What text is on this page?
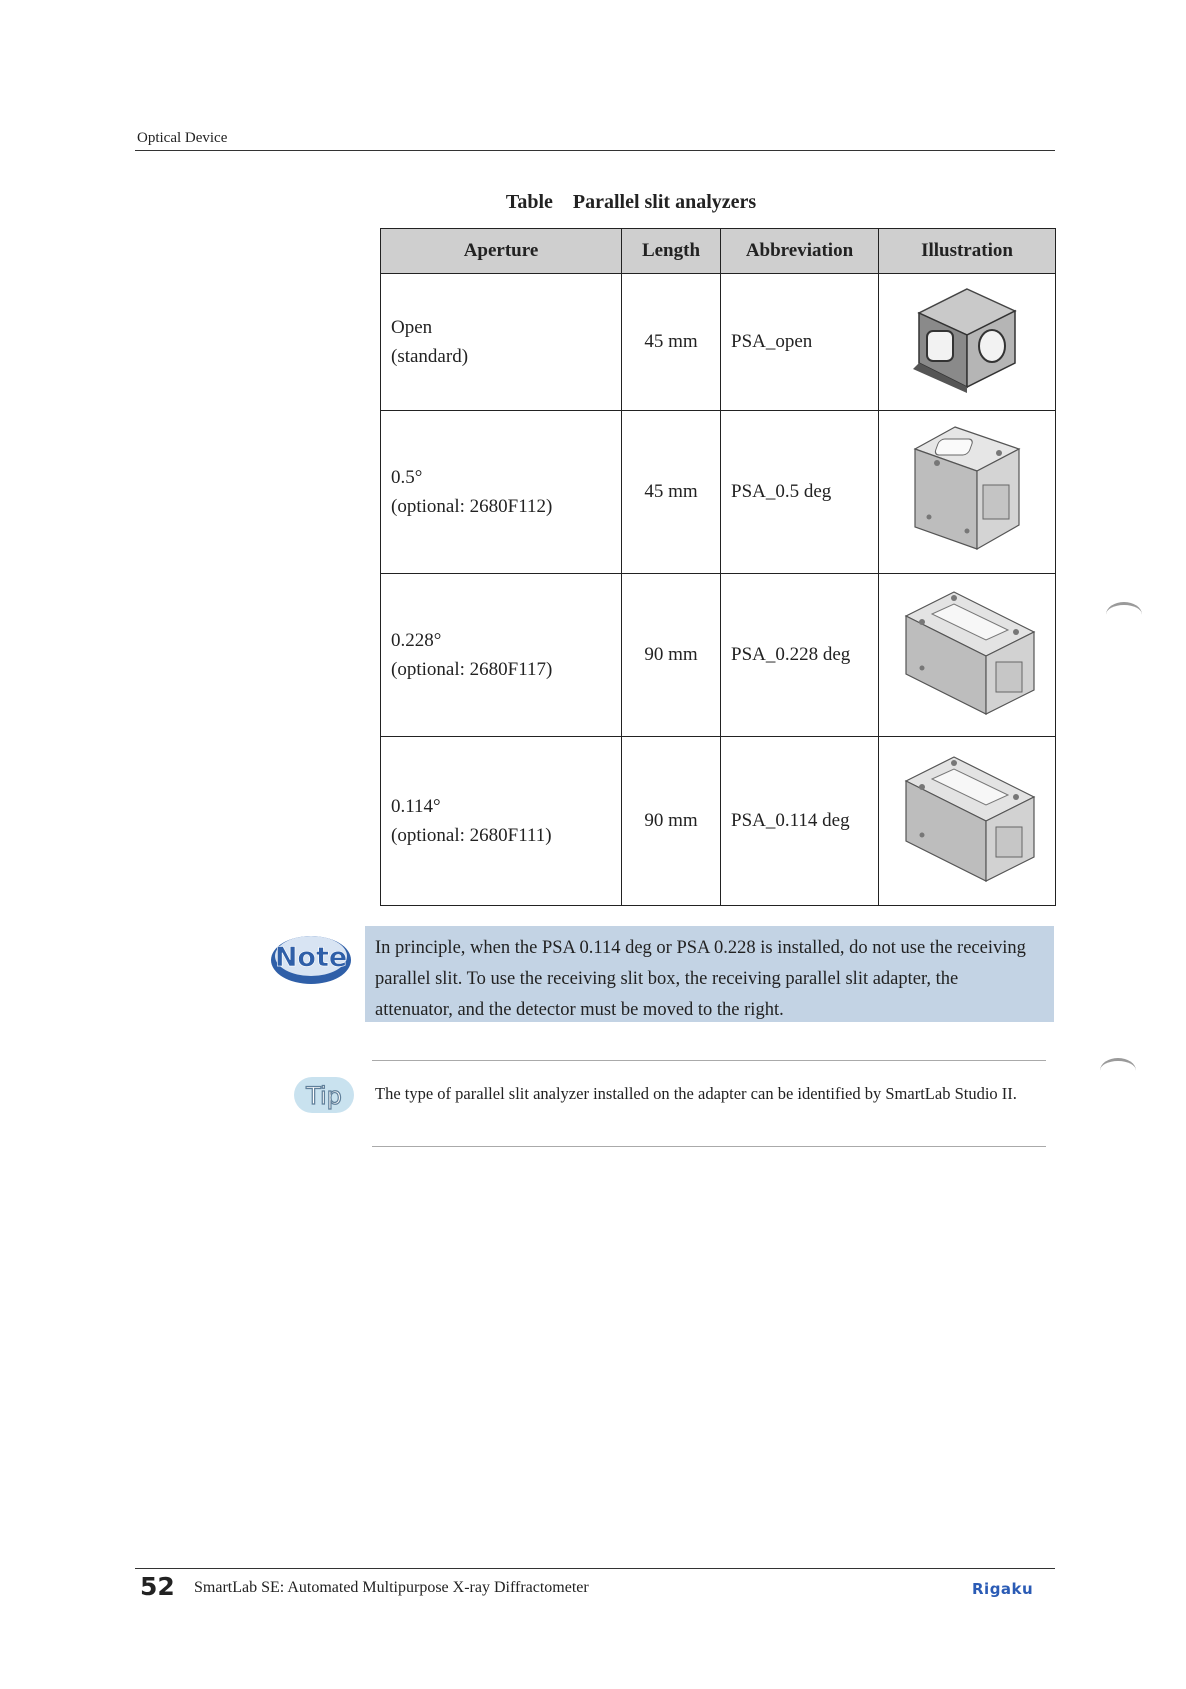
Optical Device
Table Parallel slit analyzers
Aperture	Length	Abbreviation	Illustration

Open
(standard)	45 mm	PSA_open	

0.5°
(optional: 2680F112)	45 mm	PSA_0.5 deg	

0.228°
(optional: 2680F117)	90 mm	PSA_0.228 deg	

0.114°
(optional: 2680F111)	90 mm	PSA_0.114 deg	
Note In principle, when the PSA 0.114 deg or PSA 0.228 is installed, do not use the receiving parallel slit. To use the receiving slit box, the receiving parallel slit adapter, the attenuator, and the detector must be moved to the right.
Tip The type of parallel slit analyzer installed on the adapter can be identified by SmartLab Studio II.
52 SmartLab SE: Automated Multipurpose X-ray Diffractometer	Rigaku
